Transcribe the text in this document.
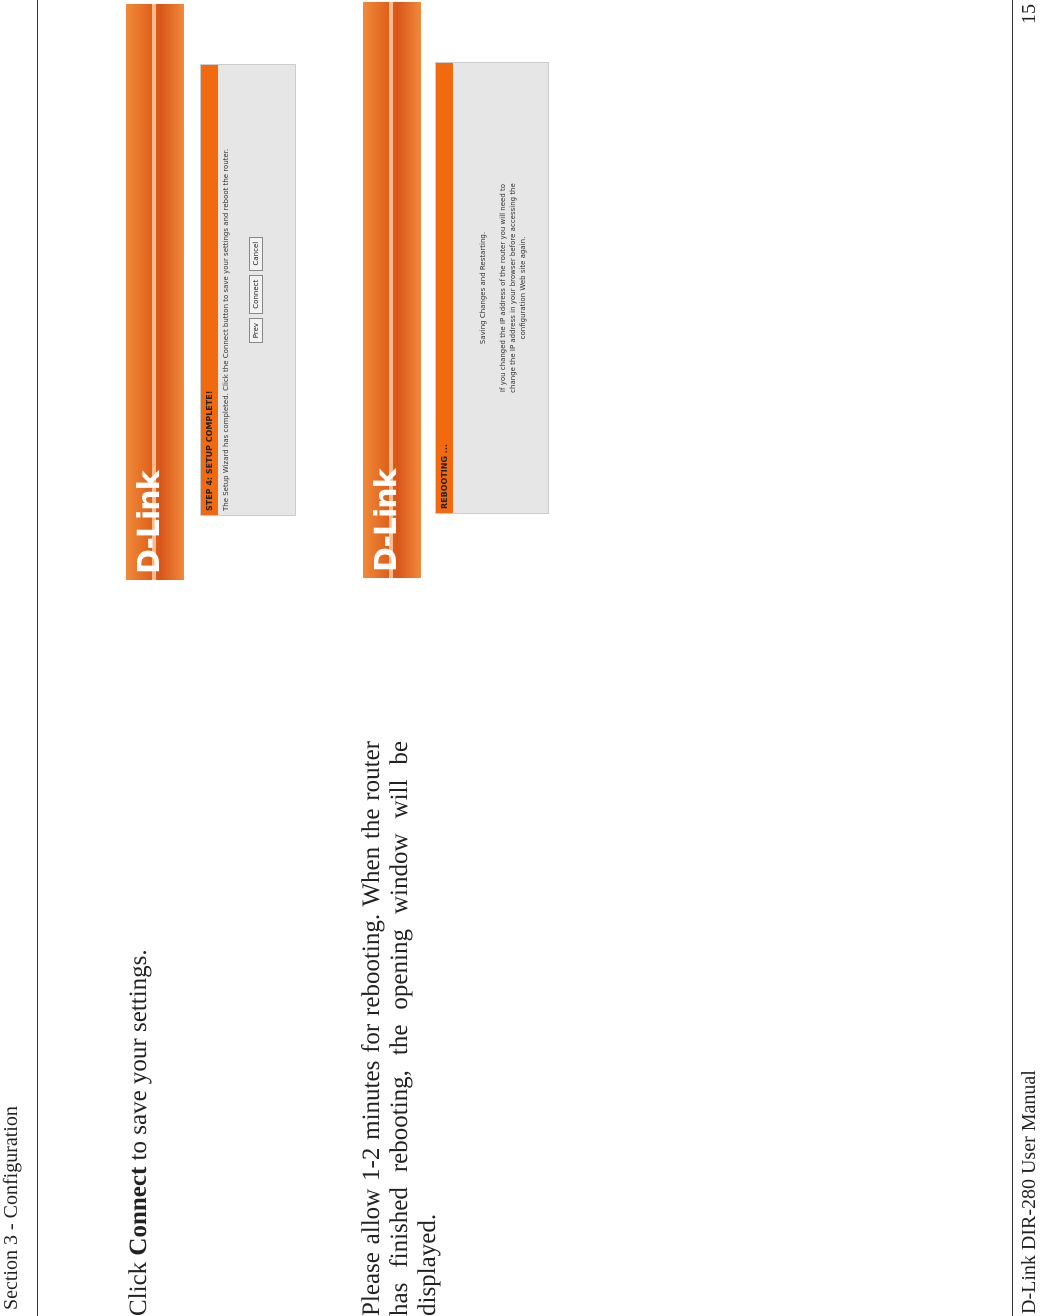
Section 3 - Configuration	Click Connect to save your settings.	Please allow 1-2 minutes for rebooting. When the router has finished rebooting, the opening window will be displayed.
D-Link
STEP 4: SETUP COMPLETE!	The Setup Wizard has completed. Click the Connect button to save your settings and reboot the router.	Prev Connect Cancel
D-Link	REBOOTING ...
Saving Changes and Restarting. If you changed the IP address of the router you will need to change the IP address in your browser before accessing the configuration Web site again.
D-Link DIR-280 User Manual
15
